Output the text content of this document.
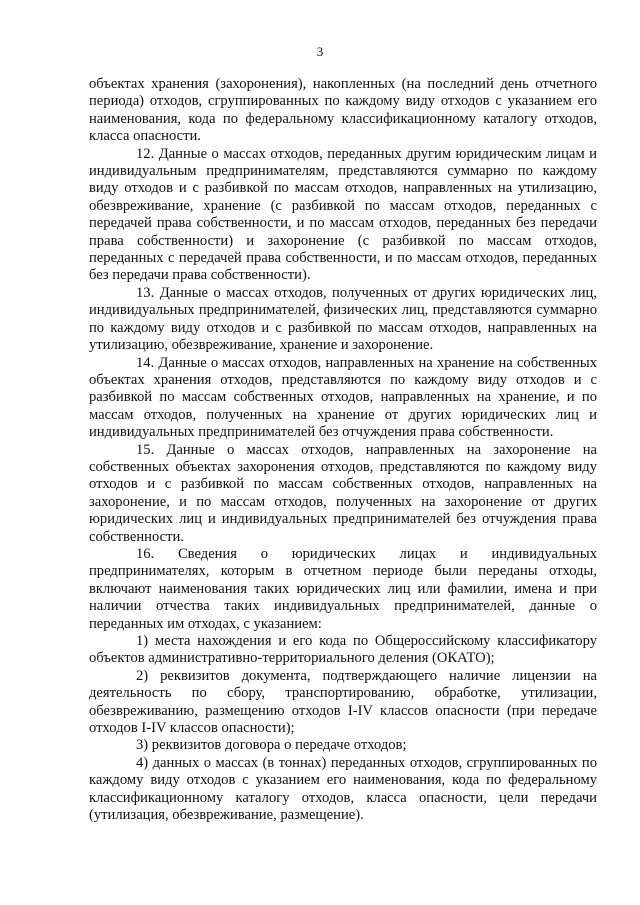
3

объектах хранения (захоронения), накопленных (на последний день отчетного периода) отходов, сгруппированных по каждому виду отходов с указанием его наименования, кода по федеральному классификационному каталогу отходов, класса опасности.

12. Данные о массах отходов, переданных другим юридическим лицам и индивидуальным предпринимателям, представляются суммарно по каждому виду отходов и с разбивкой по массам отходов, направленных на утилизацию, обезвреживание, хранение (с разбивкой по массам отходов, переданных с передачей права собственности, и по массам отходов, переданных без передачи права собственности) и захоронение (с разбивкой по массам отходов, переданных с передачей права собственности, и по массам отходов, переданных без передачи права собственности).

13. Данные о массах отходов, полученных от других юридических лиц, индивидуальных предпринимателей, физических лиц, представляются суммарно по каждому виду отходов и с разбивкой по массам отходов, направленных на утилизацию, обезвреживание, хранение и захоронение.

14. Данные о массах отходов, направленных на хранение на собственных объектах хранения отходов, представляются по каждому виду отходов и с разбивкой по массам собственных отходов, направленных на хранение, и по массам отходов, полученных на хранение от других юридических лиц и индивидуальных предпринимателей без отчуждения права собственности.

15. Данные о массах отходов, направленных на захоронение на собственных объектах захоронения отходов, представляются по каждому виду отходов и с разбивкой по массам собственных отходов, направленных на захоронение, и по массам отходов, полученных на захоронение от других юридических лиц и индивидуальных предпринимателей без отчуждения права собственности.

16. Сведения о юридических лицах и индивидуальных предпринимателях, которым в отчетном периоде были переданы отходы, включают наименования таких юридических лиц или фамилии, имена и при наличии отчества таких индивидуальных предпринимателей, данные о переданных им отходах, с указанием:

1) места нахождения и его кода по Общероссийскому классификатору объектов административно-территориального деления (ОКАТО);

2) реквизитов документа, подтверждающего наличие лицензии на деятельность по сбору, транспортированию, обработке, утилизации, обезвреживанию, размещению отходов I-IV классов опасности (при передаче отходов I-IV классов опасности);

3) реквизитов договора о передаче отходов;

4) данных о массах (в тоннах) переданных отходов, сгруппированных по каждому виду отходов с указанием его наименования, кода по федеральному классификационному каталогу отходов, класса опасности, цели передачи (утилизация, обезвреживание, размещение).
